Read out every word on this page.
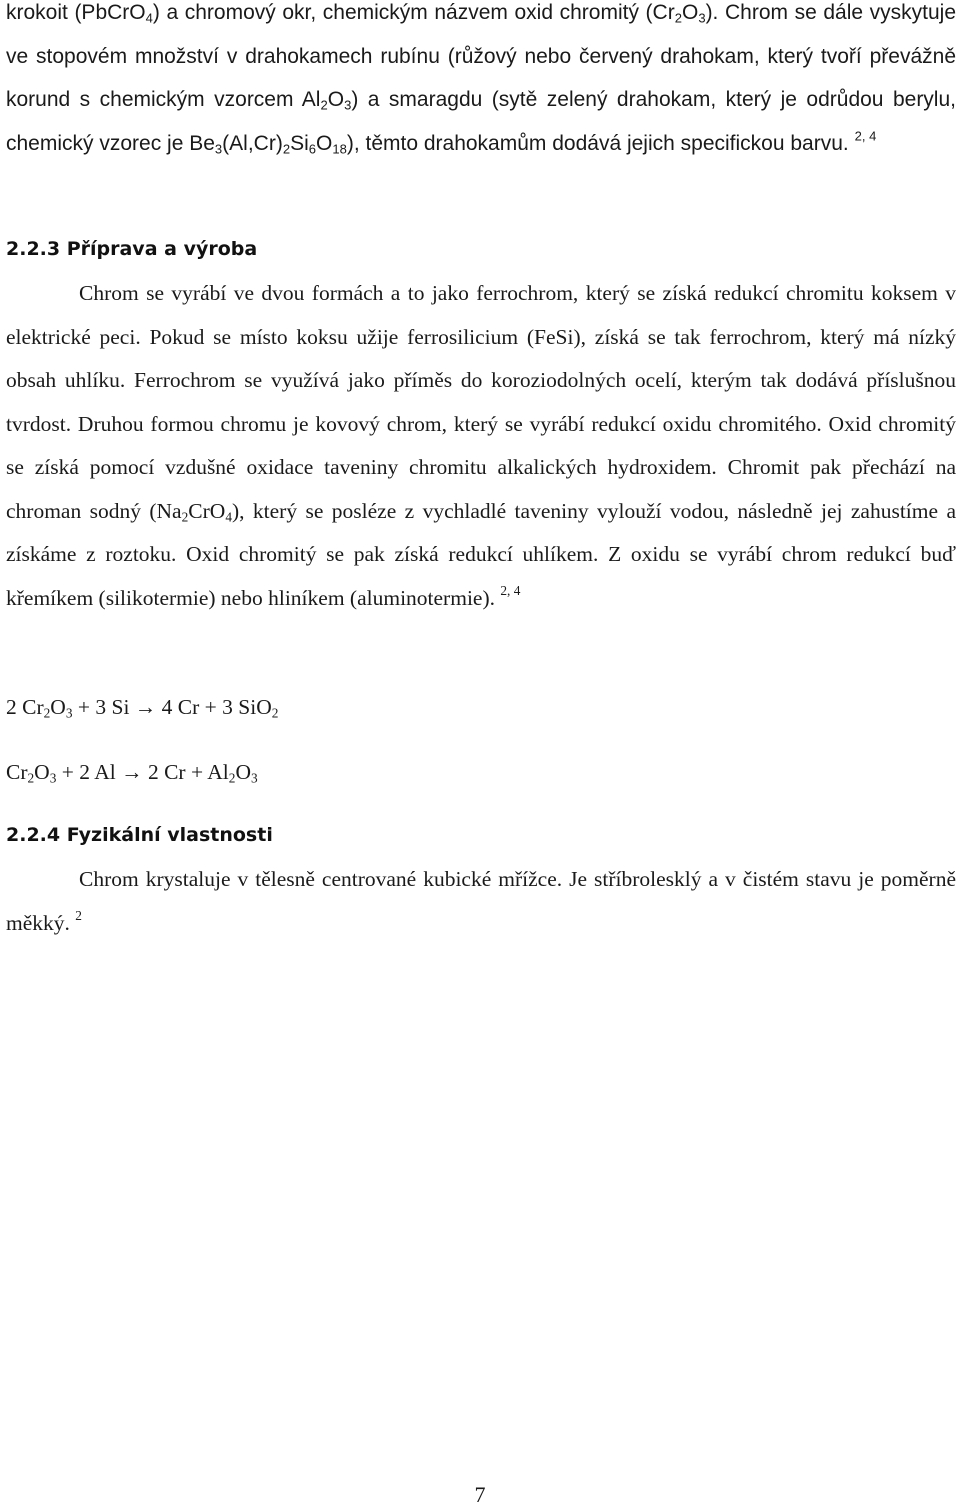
krokoit (PbCrO$_4$) a chromový okr, chemickým názvem oxid chromitý $(Cr_2O_3)$. Chrom se dále vyskytuje ve stopovém množství v drahokamech rubínu (růžový nebo červený drahokam, který tvoří převážně korund s chemickým vzorcem $Al_2O_3$) a smaragdu (sytě zelený drahokam, který je odrůdou berylu, chemický vzorec je $Be_3(Al,Cr)_2Si_6O_{18}$), těmto drahokamům dodává jejich specifickou barvu. $^{2, 4}$

2.2.3 Příprava a výroba

Chrom se vyrábí ve dvou formách a to jako ferrochrom, který se získá redukcí chromitu koksem v elektrické peci. Pokud se místo koksu užije ferrosilicium (FeSi), získá se tak ferrochrom, který má nízký obsah uhlíku. Ferrochrom se využívá jako příměs do koroziodolných ocelí, kterým tak dodává příslušnou tvrdost. Druhou formou chromu je kovový chrom, který se vyrábí redukcí oxidu chromitého. Oxid chromitý se získá pomocí vzdušné oxidace taveniny chromitu alkalických hydroxidem. Chromit pak přechází na chroman sodný $(Na_2CrO_4)$, který se posléze z vychladlé taveniny vylouží vodou, následně jej zahustíme a získáme z roztoku. Oxid chromitý se pak získá redukcí uhlíkem. Z oxidu se vyrábí chrom redukcí buď křemíkem (silikotermie) nebo hliníkem (aluminotermie). $^{2, 4}$

2 $Cr_2O_3 + 3$ Si → 4 Cr + 3 SiO$_2$

$Cr_2O_3 + 2$ Al → 2 $Cr + Al_2O_3$

2.2.4 Fyzikální vlastnosti

Chrom krystaluje v tělesně centrované kubické mřížce. Je stříbrolesklý a v čistém stavu je poměrně měkký. $^2$

7
